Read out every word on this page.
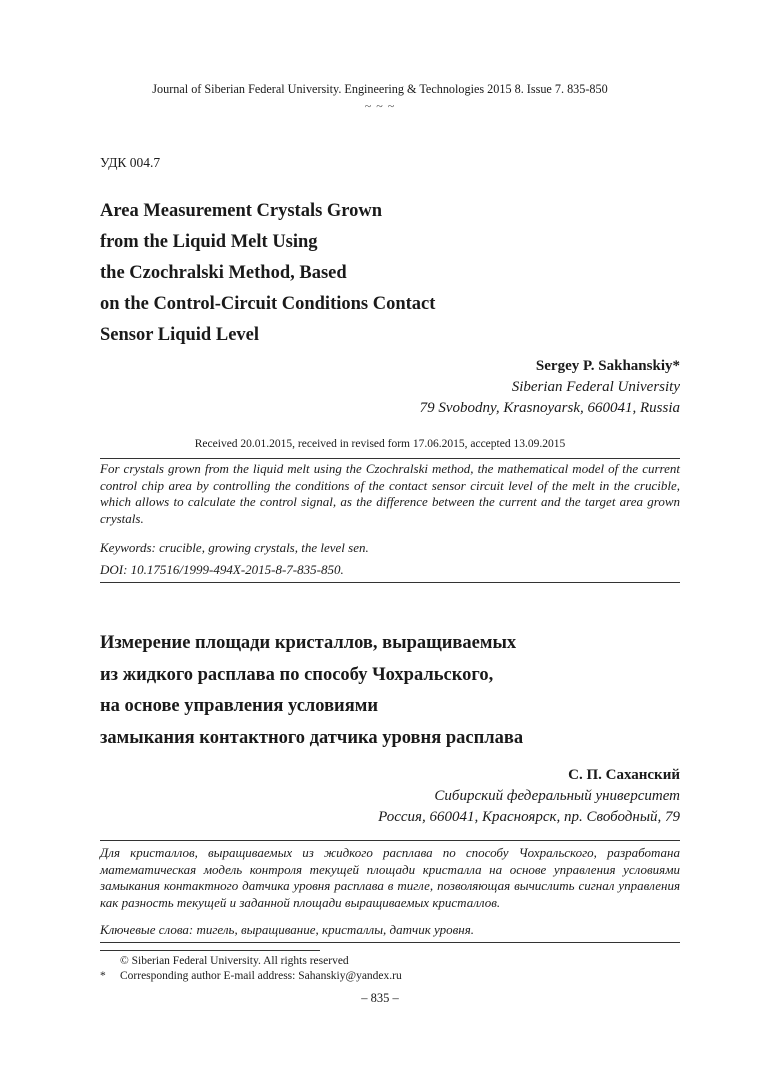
Journal of Siberian Federal University. Engineering & Technologies 2015 8. Issue 7. 835-850
~ ~ ~
УДК 004.7
Area Measurement Crystals Grown
from the Liquid Melt Using
the Czochralski Method, Based
on the Control-Circuit Conditions Contact
Sensor Liquid Level
Sergey P. Sakhanskiy*
Siberian Federal University
79 Svobodny, Krasnoyarsk, 660041, Russia
Received 20.01.2015, received in revised form 17.06.2015, accepted 13.09.2015
For crystals grown from the liquid melt using the Czochralski method, the mathematical model of the current control chip area by controlling the conditions of the contact sensor circuit level of the melt in the crucible, which allows to calculate the control signal, as the difference between the current and the target area grown crystals.
Keywords: crucible, growing crystals, the level sen.
DOI: 10.17516/1999-494X-2015-8-7-835-850.
Измерение площади кристаллов, выращиваемых
из жидкого расплава по способу Чохральского,
на основе управления условиями
замыкания контактного датчика уровня расплава
С. П. Саханский
Сибирский федеральный университет
Россия, 660041, Красноярск, пр. Свободный, 79
Для кристаллов, выращиваемых из жидкого расплава по способу Чохральского, разработана математическая модель контроля текущей площади кристалла на основе управления условиями замыкания контактного датчика уровня расплава в тигле, позволяющая вычислить сигнал управления как разность текущей и заданной площади выращиваемых кристаллов.
Ключевые слова: тигель, выращивание, кристаллы, датчик уровня.
© Siberian Federal University. All rights reserved
*	Corresponding author E-mail address: Sahanskiy@yandex.ru
– 835 –
